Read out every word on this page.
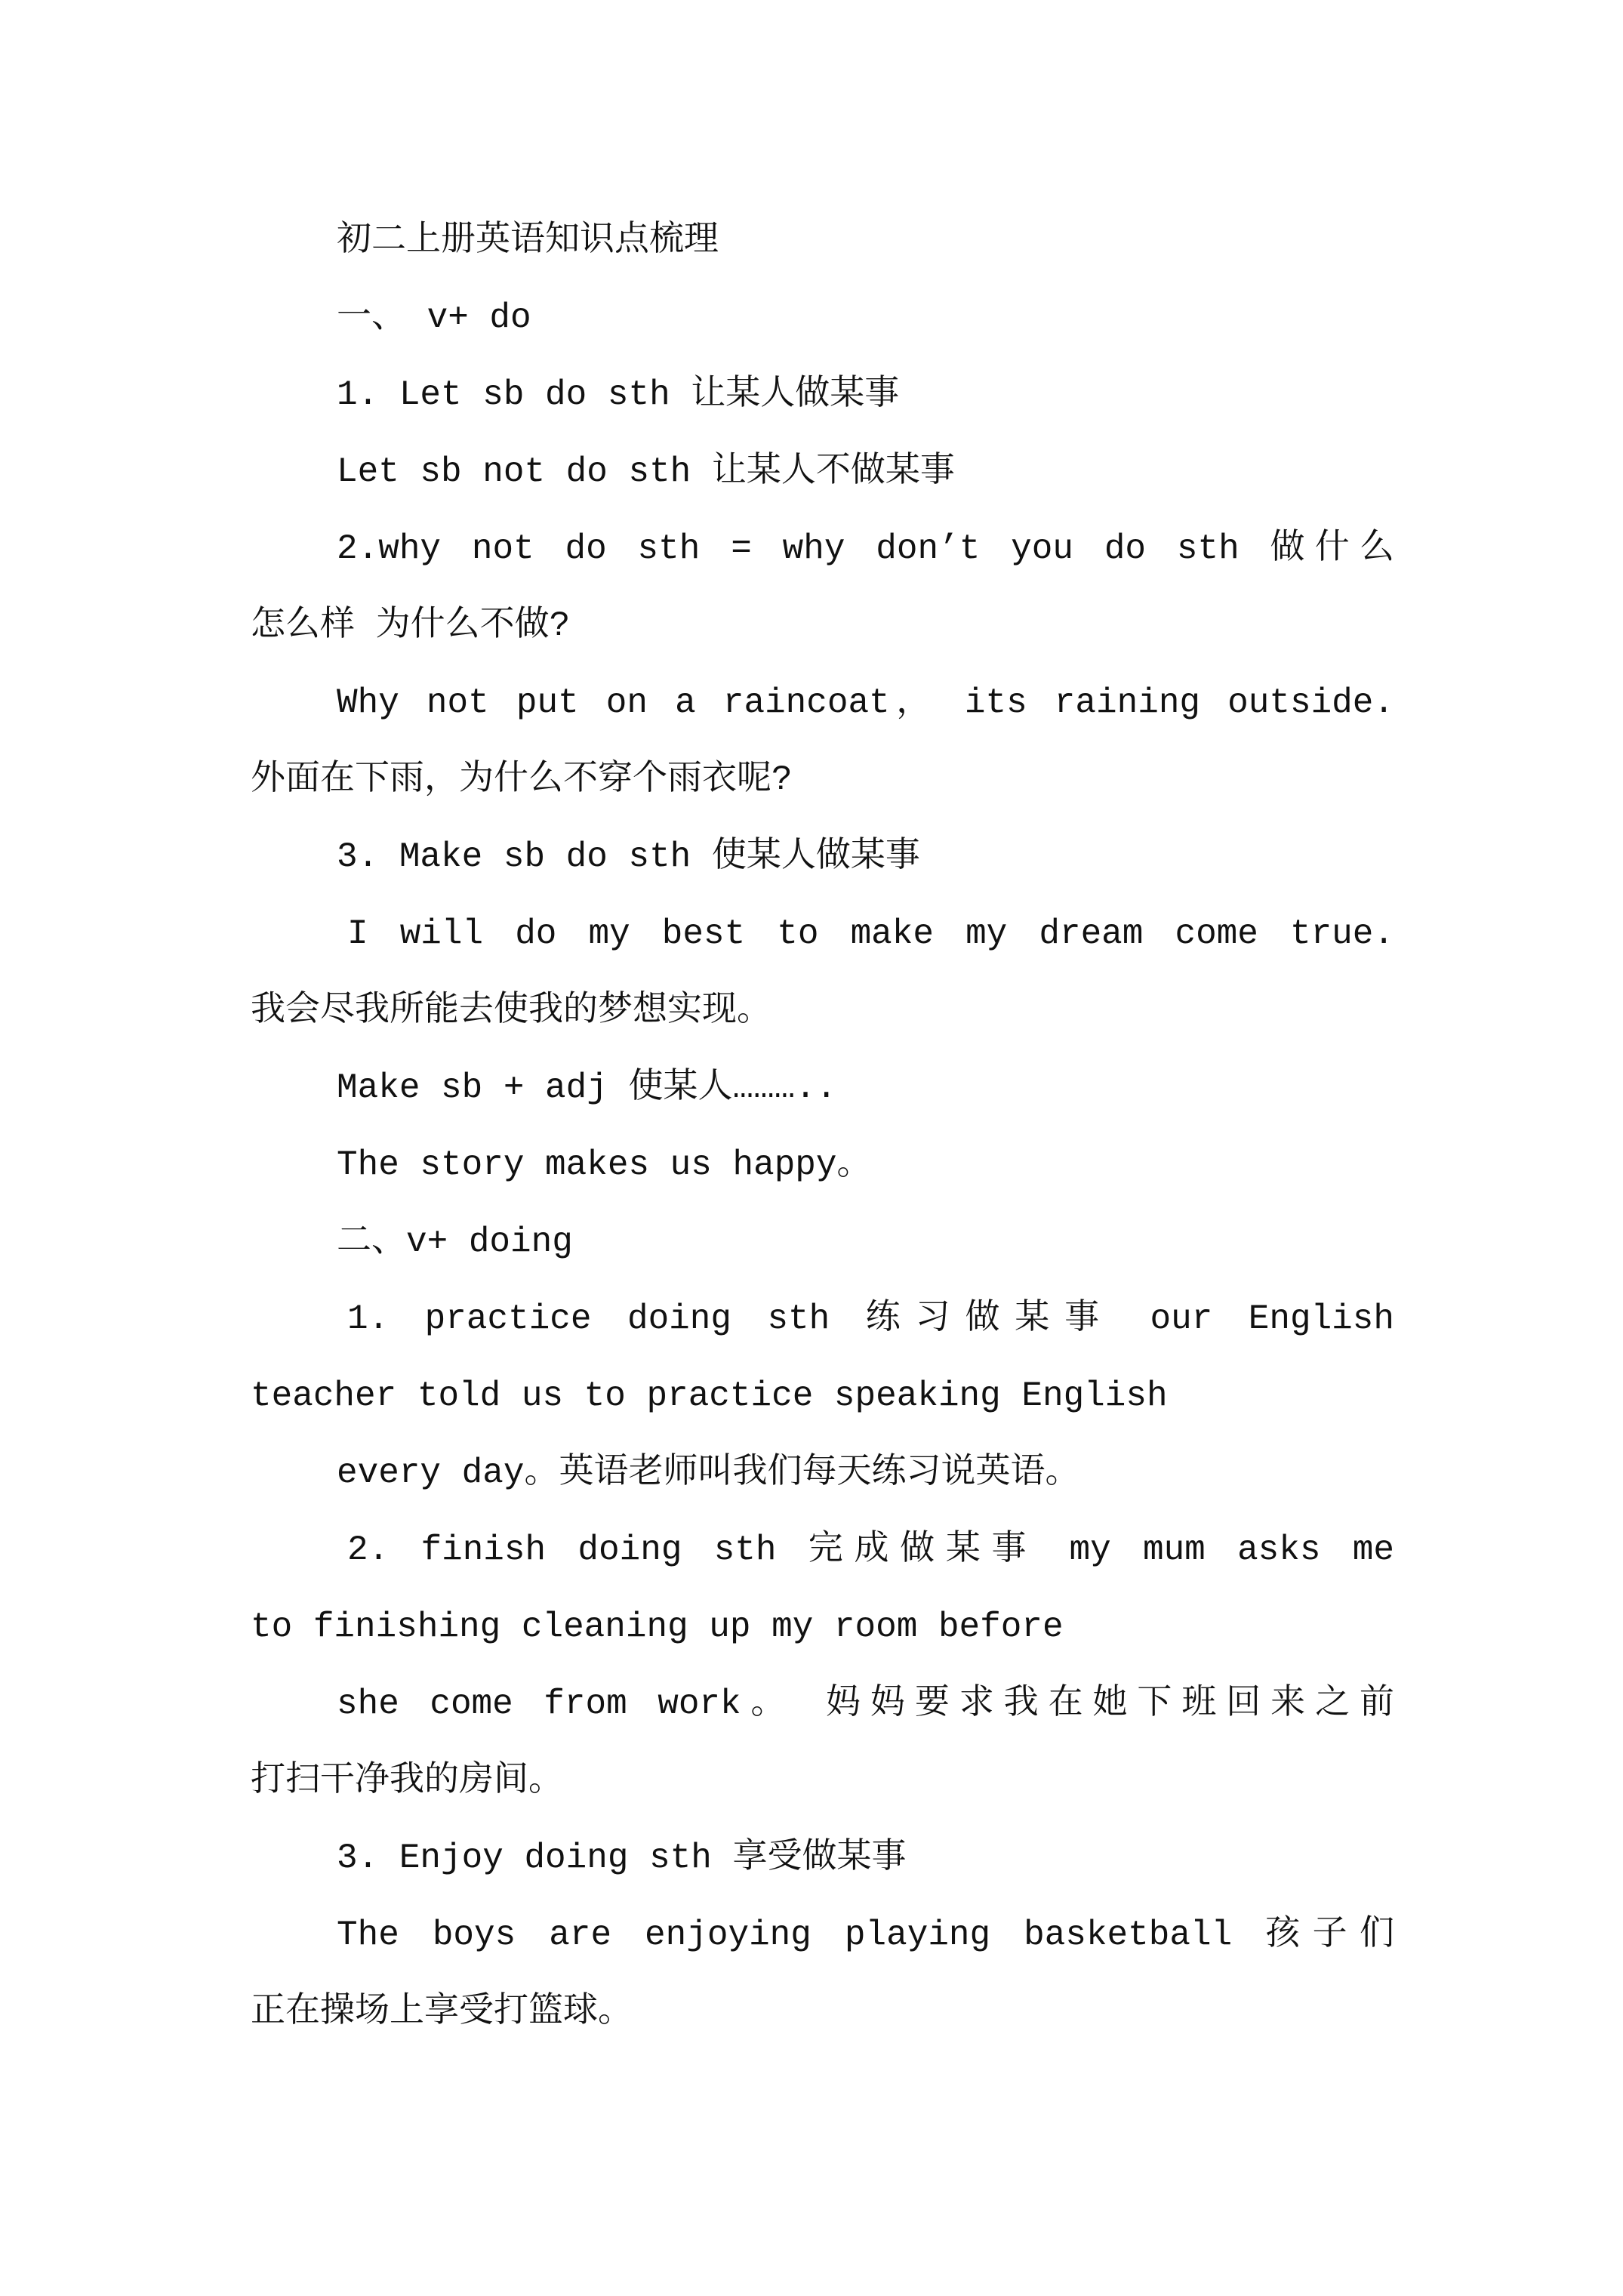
初二上册英语知识点梳理
一、 v+ do
1. Let sb do sth 让某人做某事
Let sb not do sth 让某人不做某事
2.why not do sth = why don’t you do sth 做什么
怎么样 为什么不做?
Why not put on a raincoat， its raining outside.
外面在下雨，为什么不穿个雨衣呢?
3. Make sb do sth 使某人做某事
I will do my best to make my dream come true.
我会尽我所能去使我的梦想实现。
Make sb + adj 使某人………..
The story makes us happy。
二、v+ doing
1. practice doing sth 练习做某事 our English
teacher told us to practice speaking English
every day。英语老师叫我们每天练习说英语。
2. finish doing sth 完成做某事 my mum asks me
to finishing cleaning up my room before
she come from work。 妈妈要求我在她下班回来之前
打扫干净我的房间。
3. Enjoy doing sth 享受做某事
The boys are enjoying playing basketball 孩子们
正在操场上享受打篮球。
